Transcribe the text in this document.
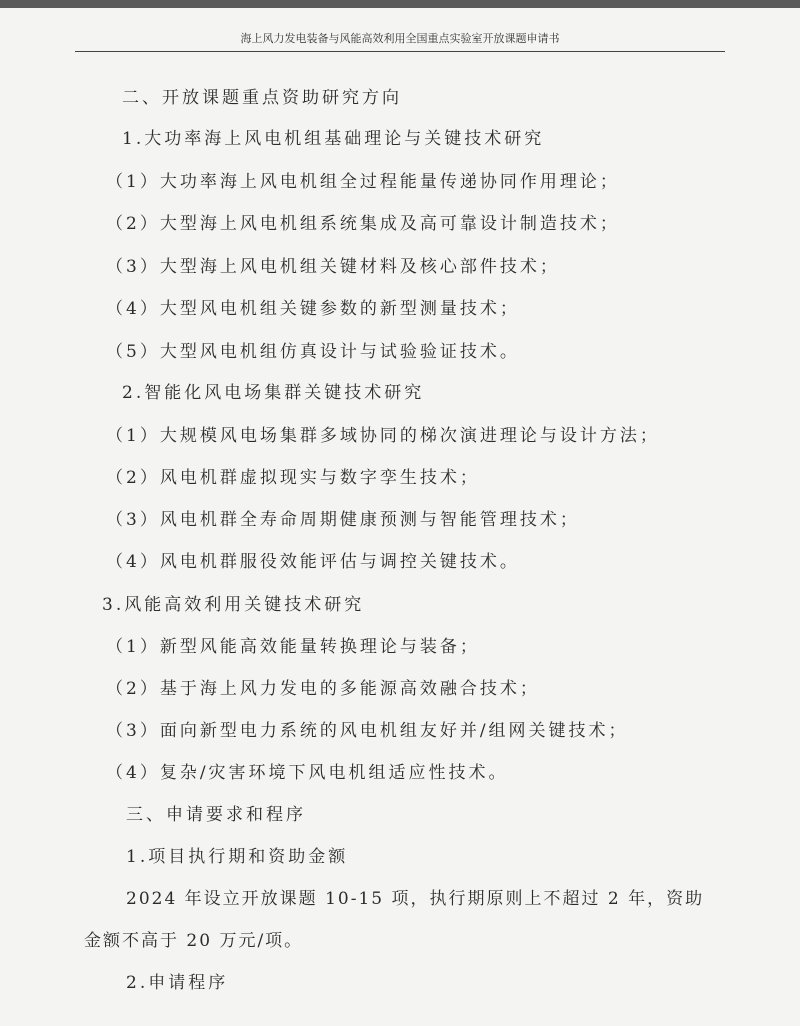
海上风力发电装备与风能高效利用全国重点实验室开放课题申请书
二、开放课题重点资助研究方向
1.大功率海上风电机组基础理论与关键技术研究
（1）大功率海上风电机组全过程能量传递协同作用理论；
（2）大型海上风电机组系统集成及高可靠设计制造技术；
（3）大型海上风电机组关键材料及核心部件技术；
（4）大型风电机组关键参数的新型测量技术；
（5）大型风电机组仿真设计与试验验证技术。
2.智能化风电场集群关键技术研究
（1）大规模风电场集群多域协同的梯次演进理论与设计方法；
（2）风电机群虚拟现实与数字孪生技术；
（3）风电机群全寿命周期健康预测与智能管理技术；
（4）风电机群服役效能评估与调控关键技术。
3.风能高效利用关键技术研究
（1）新型风能高效能量转换理论与装备；
（2）基于海上风力发电的多能源高效融合技术；
（3）面向新型电力系统的风电机组友好并/组网关键技术；
（4）复杂/灾害环境下风电机组适应性技术。
三、申请要求和程序
1.项目执行期和资助金额
2024 年设立开放课题 10-15 项，执行期原则上不超过 2 年，资助
金额不高于 20 万元/项。
2.申请程序
